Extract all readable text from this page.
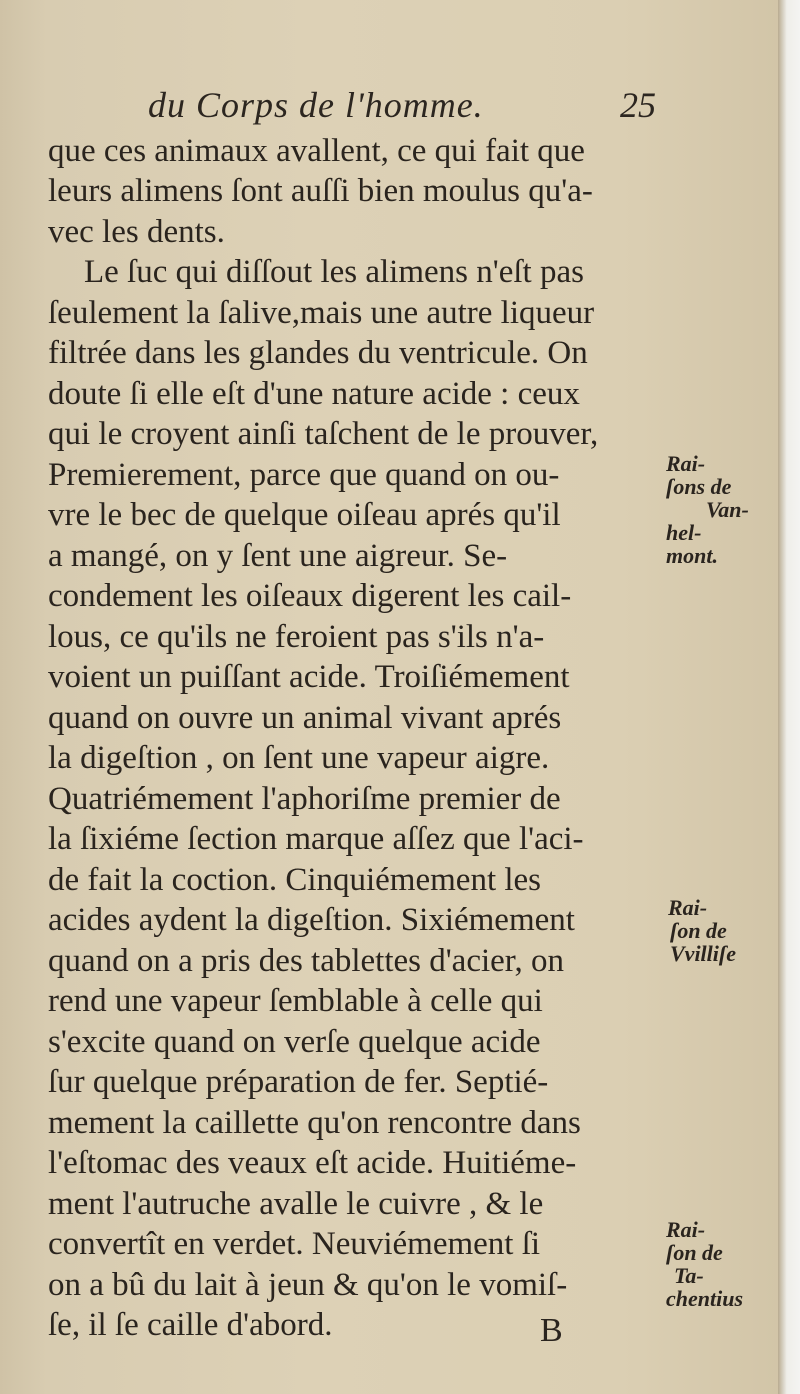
du Corps de l'homme.	25
que ces animaux avallent, ce qui fait que
leurs alimens ſont auſſi bien moulus qu'a-
vec les dents.
Le ſuc qui diſſout les alimens n'eſt pas
ſeulement la ſalive,mais une autre liqueur
filtrée dans les glandes du ventricule. On
doute ſi elle eſt d'une nature acide : ceux
qui le croyent ainſi taſchent de le prouver,
Premierement, parce que quand on ou-
vre le bec de quelque oiſeau aprés qu'il
a mangé, on y ſent une aigreur. Se-
condement les oiſeaux digerent les cail-
lous, ce qu'ils ne feroient pas s'ils n'a-
voient un puiſſant acide. Troiſiémement
quand on ouvre un animal vivant aprés
la digeſtion , on ſent une vapeur aigre.
Quatriémement l'aphoriſme premier de
la ſixiéme ſection marque aſſez que l'aci-
de fait la coction. Cinquiémement les
acides aydent la digeſtion. Sixiémement
quand on a pris des tablettes d'acier, on
rend une vapeur ſemblable à celle qui
s'excite quand on verſe quelque acide
ſur quelque préparation de fer. Septié-
mement la caillette qu'on rencontre dans
l'eſtomac des veaux eſt acide. Huitiéme-
ment l'autruche avalle le cuivre , & le
convertît en verdet. Neuviémement ſi
on a bû du lait à jeun & qu'on le vomiſ-
ſe, il ſe caille d'abord.
Rai-
ſons de
Van-
hel-
mont.
Rai-
ſon de
Vvilliſe
Rai-
ſon de
Ta-
chentius
B
